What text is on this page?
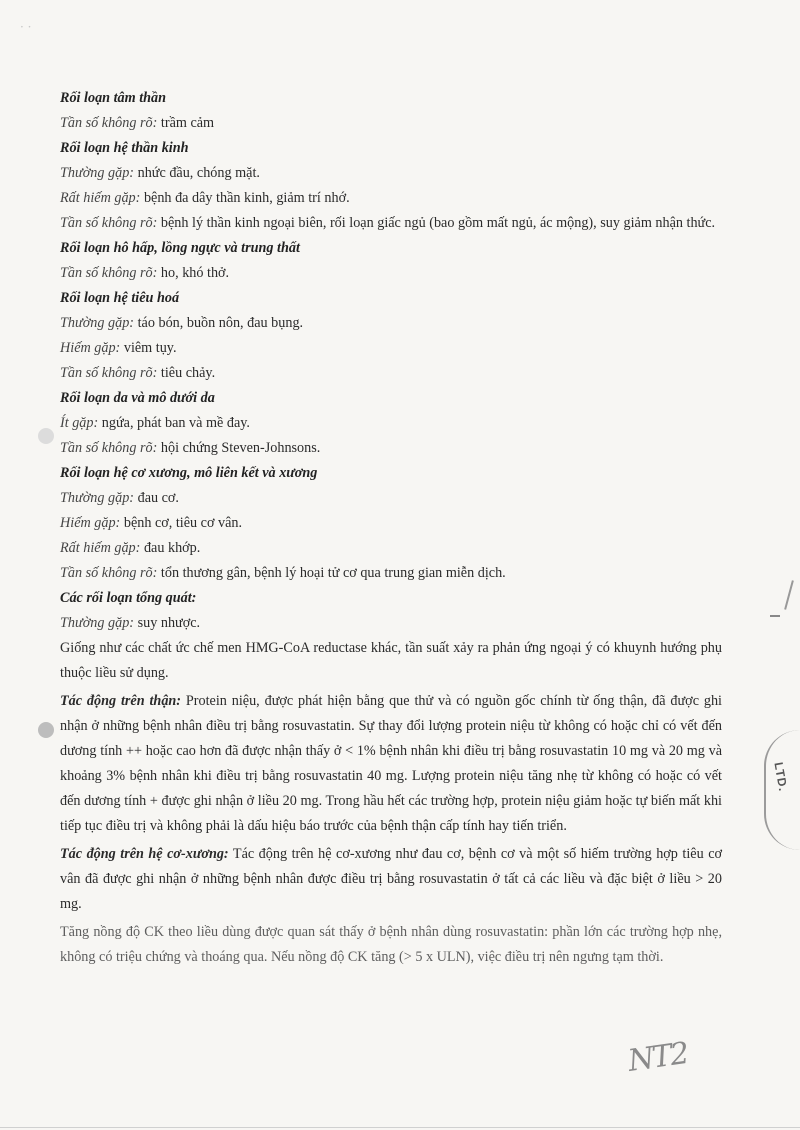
· ·
Rối loạn tâm thần
Tần số không rõ: trầm cảm
Rối loạn hệ thần kinh
Thường gặp: nhức đầu, chóng mặt.
Rất hiếm gặp: bệnh đa dây thần kinh, giảm trí nhớ.

Tần số không rõ: bệnh lý thần kinh ngoại biên, rối loạn giấc ngủ (bao gồm mất ngủ, ác mộng), suy giảm nhận thức.

Rối loạn hô hấp, lồng ngực và trung thất
Tần số không rõ: ho, khó thở.
Rối loạn hệ tiêu hoá
Thường gặp: táo bón, buồn nôn, đau bụng.
Hiếm gặp: viêm tụy.
Tần số không rõ: tiêu chảy.
Rối loạn da và mô dưới da
Ít gặp: ngứa, phát ban và mề đay.
Tần số không rõ: hội chứng Steven-Johnsons.
Rối loạn hệ cơ xương, mô liên kết và xương
Thường gặp: đau cơ.
Hiếm gặp: bệnh cơ, tiêu cơ vân.
Rất hiếm gặp: đau khớp.
Tần số không rõ: tổn thương gân, bệnh lý hoại tử cơ qua trung gian miễn dịch.
Các rối loạn tổng quát:
Thường gặp: suy nhược.

Giống như các chất ức chế men HMG-CoA reductase khác, tần suất xảy ra phản ứng ngoại ý có khuynh hướng phụ thuộc liều sử dụng.

Tác động trên thận: Protein niệu, được phát hiện bằng que thử và có nguồn gốc chính từ ống thận, đã được ghi nhận ở những bệnh nhân điều trị bằng rosuvastatin. Sự thay đổi lượng protein niệu từ không có hoặc chỉ có vết đến dương tính ++ hoặc cao hơn đã được nhận thấy ở < 1% bệnh nhân khi điều trị bằng rosuvastatin 10 mg và 20 mg và khoảng 3% bệnh nhân khi điều trị bằng rosuvastatin 40 mg. Lượng protein niệu tăng nhẹ từ không có hoặc có vết đến dương tính + được ghi nhận ở liều 20 mg. Trong hầu hết các trường hợp, protein niệu giảm hoặc tự biến mất khi tiếp tục điều trị và không phải là dấu hiệu báo trước của bệnh thận cấp tính hay tiến triển.

Tác động trên hệ cơ-xương: Tác động trên hệ cơ-xương như đau cơ, bệnh cơ và một số hiếm trường hợp tiêu cơ vân đã được ghi nhận ở những bệnh nhân được điều trị bằng rosuvastatin ở tất cả các liều và đặc biệt ở liều > 20 mg.

Tăng nồng độ CK theo liều dùng được quan sát thấy ở bệnh nhân dùng rosuvastatin: phần lớn các trường hợp nhẹ, không có triệu chứng và thoáng qua. Nếu nồng độ CK tăng (> 5 x ULN), việc điều trị nên ngưng tạm thời.

LTD.
NT2
